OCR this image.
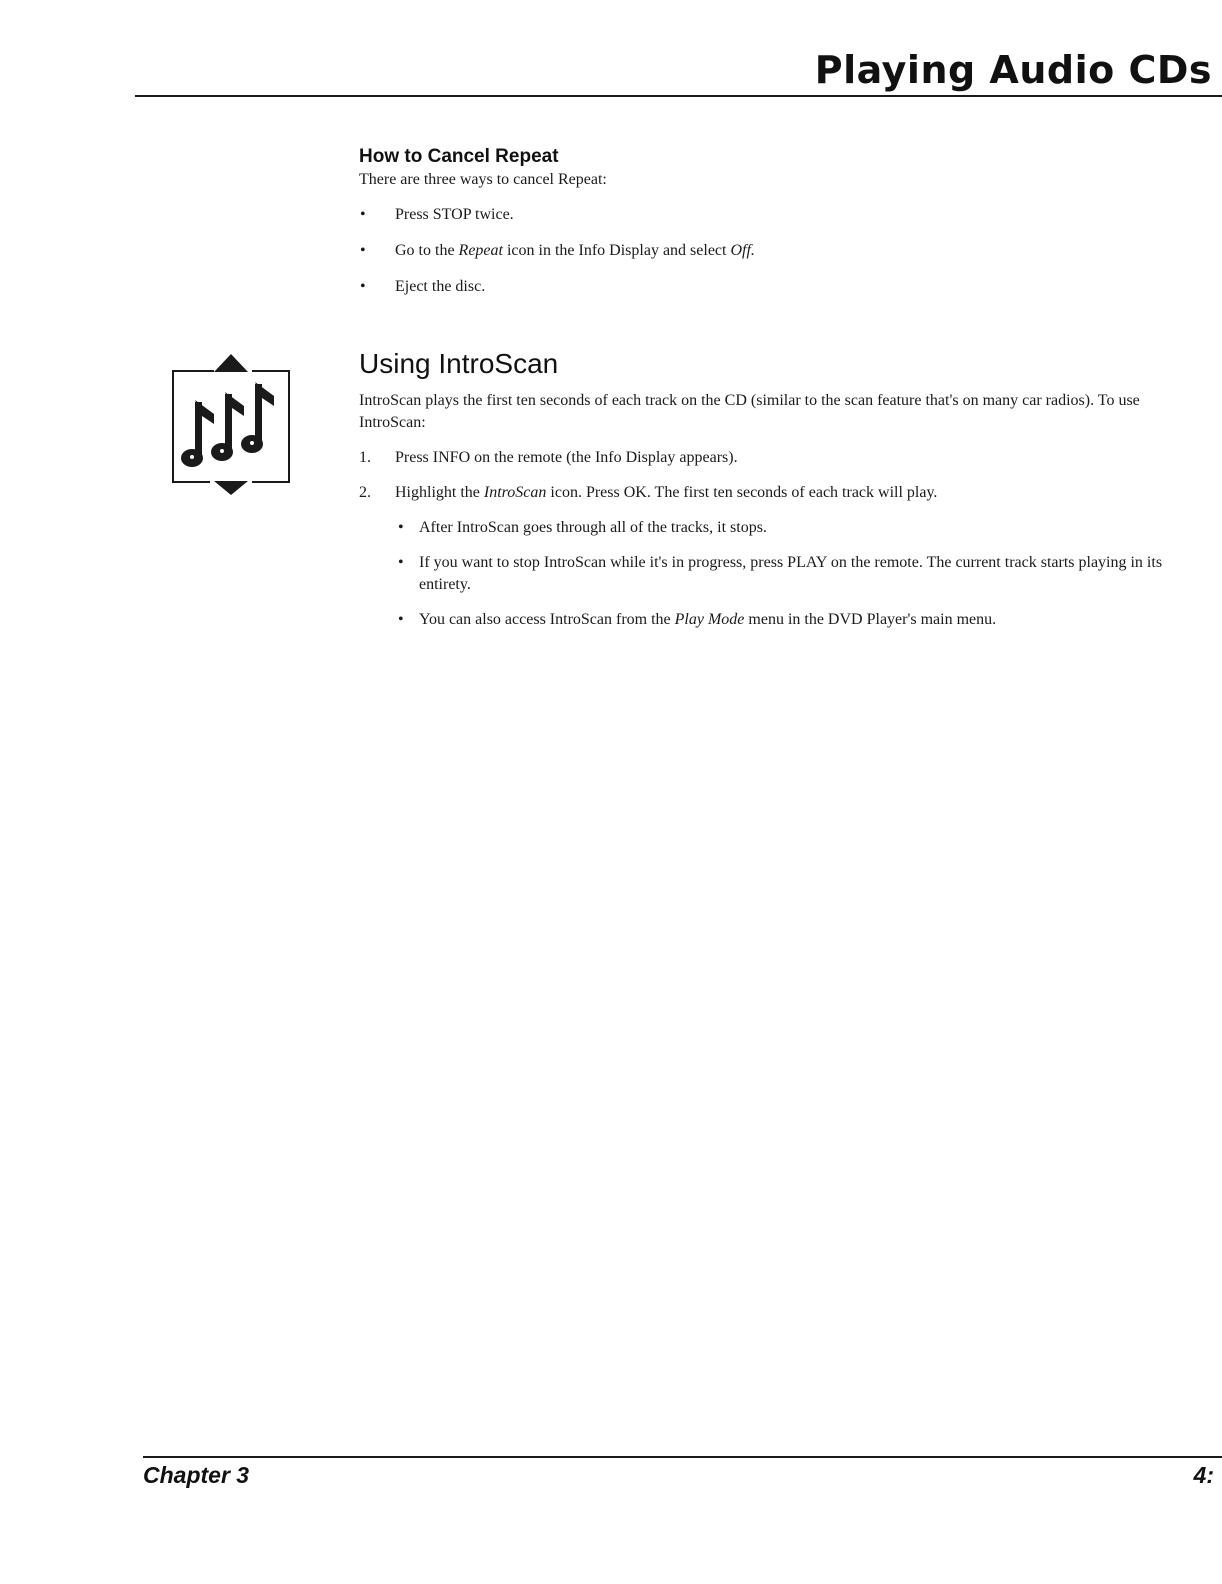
Playing Audio CDs
How to Cancel Repeat

There are three ways to cancel Repeat:

• Press STOP twice.
• Go to the Repeat icon in the Info Display and select Off.
• Eject the disc.
Using IntroScan

IntroScan plays the first ten seconds of each track on the CD (similar to the scan feature that's on many car radios). To use IntroScan:

1. Press INFO on the remote (the Info Display appears).
2. Highlight the IntroScan icon. Press OK. The first ten seconds of each track will play.
• After IntroScan goes through all of the tracks, it stops.
• If you want to stop IntroScan while it's in progress, press PLAY on the remote. The current track starts playing in its entirety.
• You can also access IntroScan from the Play Mode menu in the DVD Player's main menu.
Chapter 3	4:
